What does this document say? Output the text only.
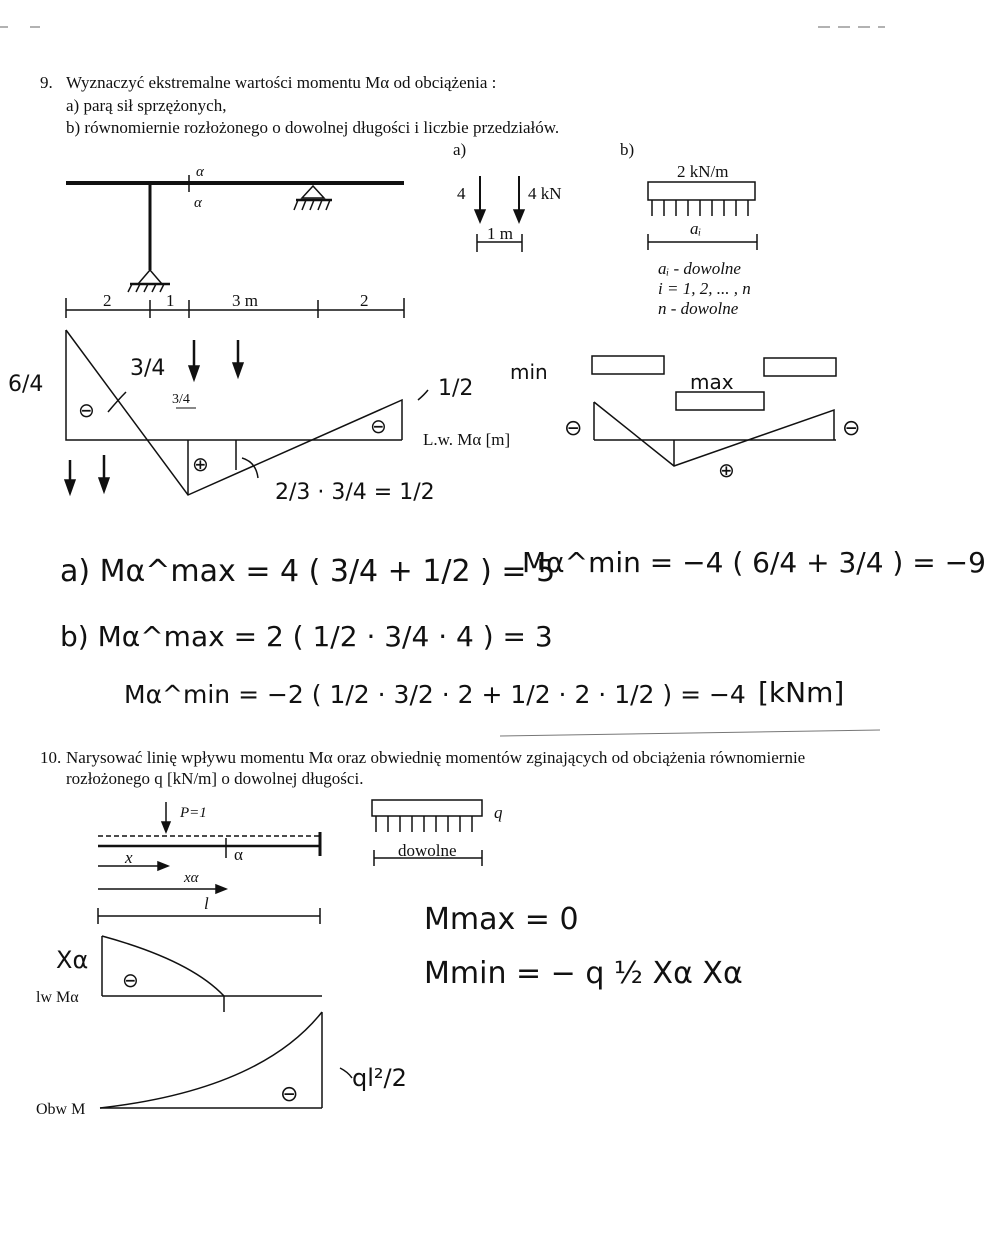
9. Wyznaczyć ekstremalne wartości momentu Mα od obciążenia :
a) parą sił sprzężonych,
b) równomiernie rozłożonego o dowolnej długości i liczbie przedziałów.
a)	b)
α
α
2	1	3 m	2
4	4 kN
1 m
2 kN/m
aᵢ
aᵢ - dowolne
i = 1, 2, ... , n
n - dowolne
3/4
L.w. Mα [m]
6/4
3/4
1/2
2/3 · 3/4 = 1/2
⊖
⊕
⊖
min	max
⊖
⊕
⊖
a) Mα^max = 4 ( 3/4 + 1/2 ) = 5
Mα^min = −4 ( 6/4 + 3/4 ) = −9
b) Mα^max = 2 ( 1/2 · 3/4 · 4 ) = 3
Mα^min = −2 ( 1/2 · 3/2 · 2 + 1/2 · 2 · 1/2 ) = −4 [kNm]
10. Narysować linię wpływu momentu Mα oraz obwiednię momentów zginających od obciążenia równomiernie
rozłożonego q [kN/m] o dowolnej długości.
P=1
α
x
xα
l
q
dowolne
lw Mα
Obw M
Xα
⊖
⊖
ql²/2
Mmax = 0
Mmin = − q ½ Xα Xα
